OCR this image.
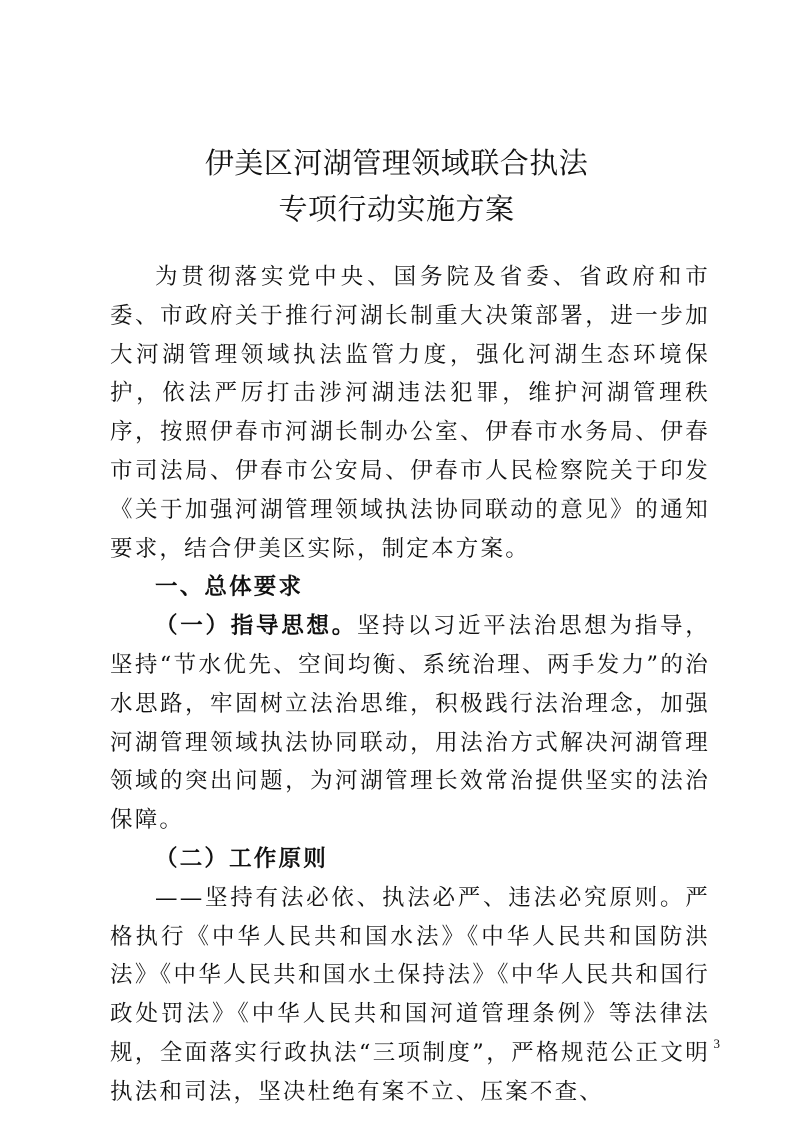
伊美区河湖管理领域联合执法
专项行动实施方案

为贯彻落实党中央、国务院及省委、省政府和市委、市政府关于推行河湖长制重大决策部署，进一步加大河湖管理领域执法监管力度，强化河湖生态环境保护，依法严厉打击涉河湖违法犯罪，维护河湖管理秩序，按照伊春市河湖长制办公室、伊春市水务局、伊春市司法局、伊春市公安局、伊春市人民检察院关于印发《关于加强河湖管理领域执法协同联动的意见》的通知要求，结合伊美区实际，制定本方案。

一、总体要求

（一）指导思想。坚持以习近平法治思想为指导，坚持“节水优先、空间均衡、系统治理、两手发力”的治水思路，牢固树立法治思维，积极践行法治理念，加强河湖管理领域执法协同联动，用法治方式解决河湖管理领域的突出问题，为河湖管理长效常治提供坚实的法治保障。

（二）工作原则

——坚持有法必依、执法必严、违法必究原则。严格执行《中华人民共和国水法》《中华人民共和国防洪法》《中华人民共和国水土保持法》《中华人民共和国行政处罚法》《中华人民共和国河道管理条例》等法律法规，全面落实行政执法“三项制度”，严格规范公正文明执法和司法，坚决杜绝有案不立、压案不查、

3
